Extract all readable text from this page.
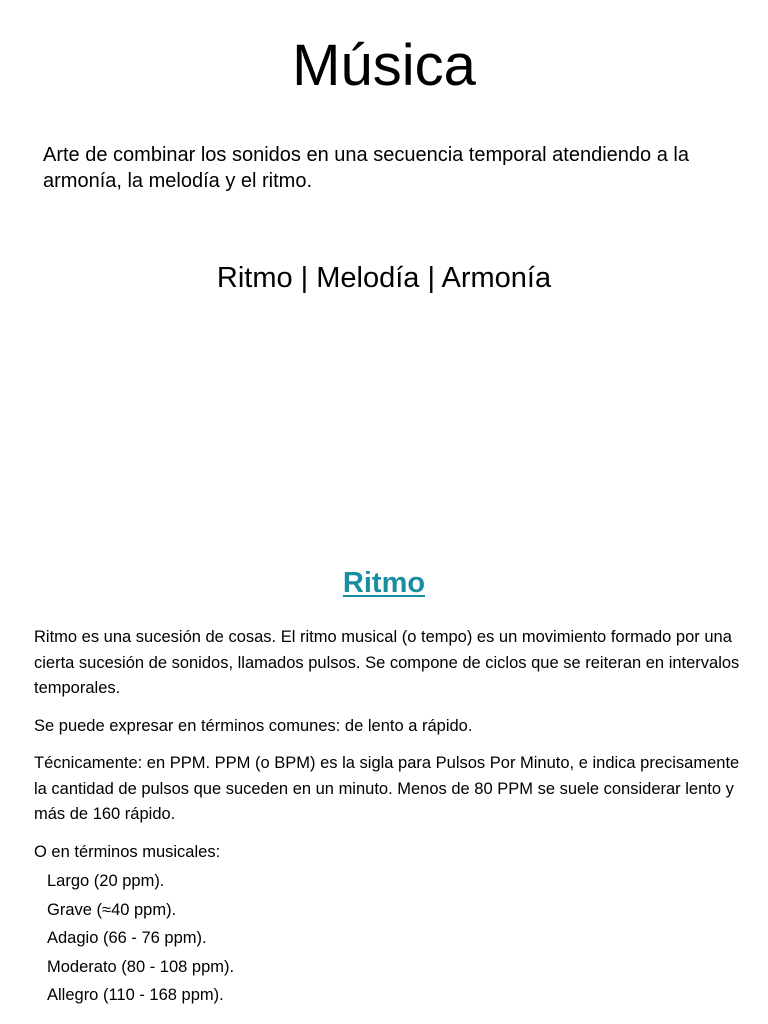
Música

Arte de combinar los sonidos en una secuencia temporal atendiendo a la armonía, la melodía y el ritmo.

Ritmo | Melodía | Armonía

Ritmo

Ritmo es una sucesión de cosas. El ritmo musical (o tempo) es un movimiento formado por una cierta sucesión de sonidos, llamados pulsos. Se compone de ciclos que se reiteran en intervalos temporales.

Se puede expresar en términos comunes: de lento a rápido.

Técnicamente: en PPM. PPM (o BPM) es la sigla para Pulsos Por Minuto, e indica precisamente la cantidad de pulsos que suceden en un minuto. Menos de 80 PPM se suele considerar lento y más de 160 rápido.

O en términos musicales:

Largo (20 ppm).
Grave (≈40 ppm).
Adagio (66 - 76 ppm).
Moderato (80 - 108 ppm).
Allegro (110 - 168 ppm).
